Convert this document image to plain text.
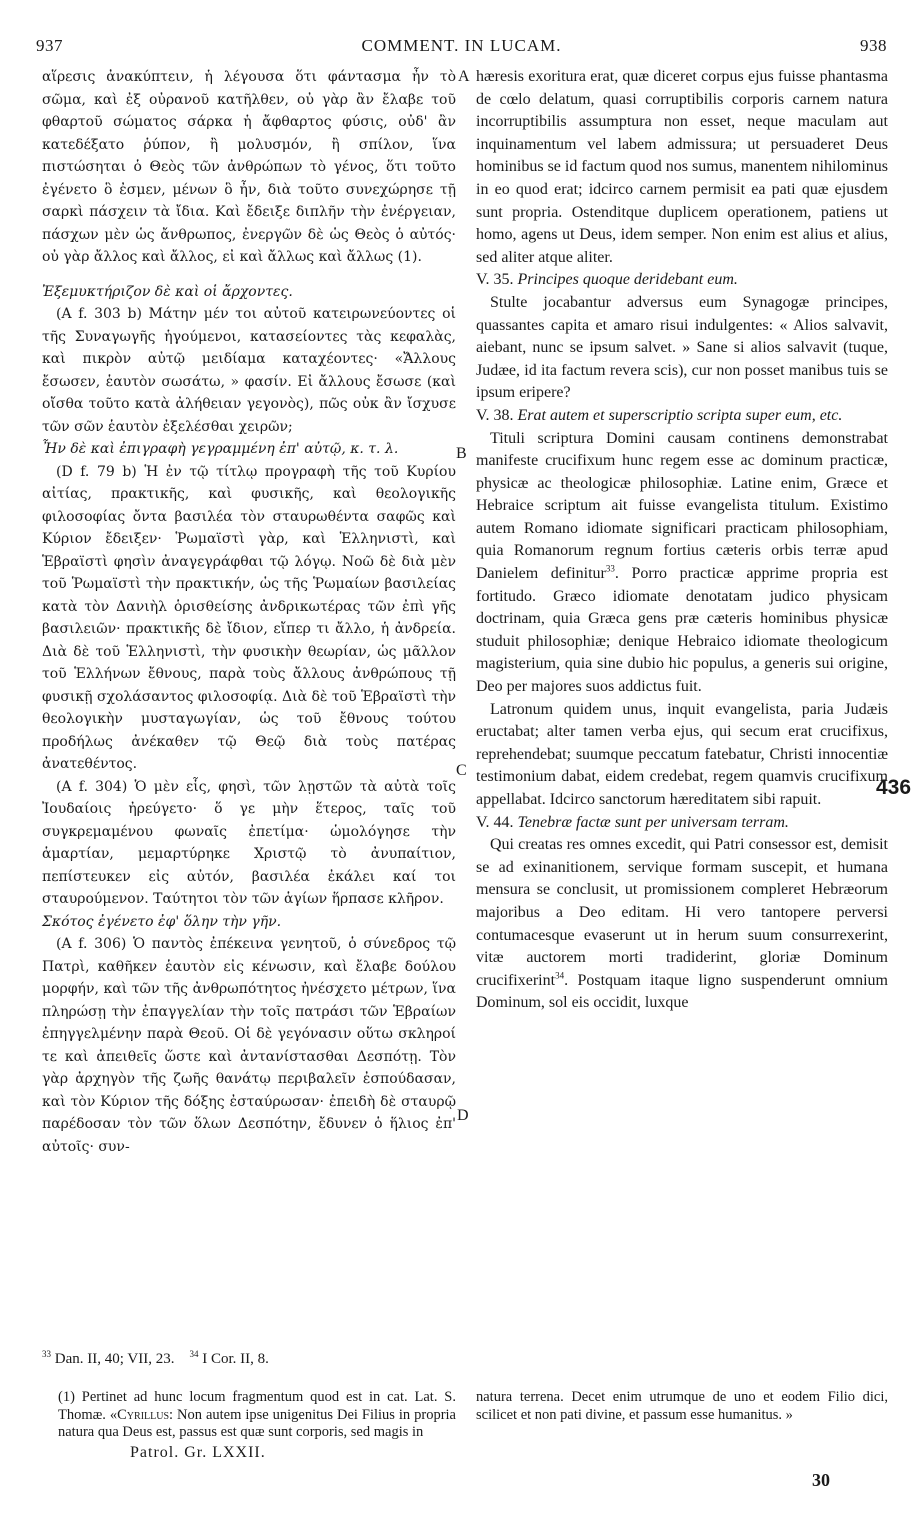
937	COMMENT. IN LUCAM.	938

αἵρεσις ἀνακύπτειν, ἡ λέγουσα ὅτι φάντασμα ἦν τὸ σῶμα, καὶ ἐξ οὐρανοῦ κατῆλθεν, οὐ γὰρ ἂν ἔλαβε τοῦ φθαρτοῦ σώματος σάρκα ἡ ἄφθαρτος φύσις, οὐδ' ἂν κατεδέξατο ῥύπον, ἢ μολυσμόν, ἢ σπίλον, ἵνα πιστώσηται ὁ Θεὸς τῶν ἀνθρώπων τὸ γένος, ὅτι τοῦτο ἐγένετο ὃ ἐσμεν, μένων ὃ ἦν, διὰ τοῦτο συνεχώρησε τῇ σαρκὶ πάσχειν τὰ ἴδια. Καὶ ἔδειξε διπλῆν τὴν ἐνέργειαν, πάσχων μὲν ὡς ἄνθρωπος, ἐνεργῶν δὲ ὡς Θεὸς ὁ αὐτός· οὐ γὰρ ἄλλος καὶ ἄλλος, εἰ καὶ ἄλλως καὶ ἄλλως (1).

Ἐξεμυκτήριζον δὲ καὶ οἱ ἄρχοντες.

(A f. 303 b) Μάτην μέν τοι αὐτοῦ κατειρωνεύοντες οἱ τῆς Συναγωγῆς ἡγούμενοι, κατασείοντες τὰς κεφαλὰς, καὶ πικρὸν αὐτῷ μειδίαμα καταχέοντες· «Ἄλλους ἔσωσεν, ἑαυτὸν σωσάτω, » φασίν. Εἰ ἄλλους ἔσωσε (καὶ οἴσθα τοῦτο κατὰ ἀλήθειαν γεγονὸς), πῶς οὐκ ἂν ἴσχυσε τῶν σῶν ἑαυτὸν ἐξελέσθαι χειρῶν;

Ἦν δὲ καὶ ἐπιγραφὴ γεγραμμένη ἐπ' αὐτῷ, κ. τ. λ.

(D f. 79 b) Ἡ ἐν τῷ τίτλῳ προγραφὴ τῆς τοῦ Κυρίου αἰτίας, πρακτικῆς, καὶ φυσικῆς, καὶ θεολογικῆς φιλοσοφίας ὄντα βασιλέα τὸν σταυρωθέντα σαφῶς καὶ Κύριον ἔδειξεν· Ῥωμαϊστὶ γὰρ, καὶ Ἑλληνιστὶ, καὶ Ἑβραϊστὶ φησὶν ἀναγεγράφθαι τῷ λόγῳ. Νοῶ δὲ διὰ μὲν τοῦ Ῥωμαϊστὶ τὴν πρακτικήν, ὡς τῆς Ῥωμαίων βασιλείας κατὰ τὸν Δανιὴλ ὁρισθείσης ἀνδρικωτέρας τῶν ἐπὶ γῆς βασιλειῶν· πρακτικῆς δὲ ἴδιον, εἴπερ τι ἄλλο, ἡ ἀνδρεία. Διὰ δὲ τοῦ Ἑλληνιστὶ, τὴν φυσικὴν θεωρίαν, ὡς μᾶλλον τοῦ Ἑλλήνων ἔθνους, παρὰ τοὺς ἄλλους ἀνθρώπους τῇ φυσικῇ σχολάσαντος φιλοσοφίᾳ. Διὰ δὲ τοῦ Ἑβραϊστὶ τὴν θεολογικὴν μυσταγωγίαν, ὡς τοῦ ἔθνους τούτου προδήλως ἀνέκαθεν τῷ Θεῷ διὰ τοὺς πατέρας ἀνατεθέντος.

(A f. 304) Ὁ μὲν εἷς, φησὶ, τῶν λῃστῶν τὰ αὐτὰ τοῖς Ἰουδαίοις ἠρεύγετο· ὅ γε μὴν ἕτερος, ταῖς τοῦ συγκρεμαμένου φωναῖς ἐπετίμα· ὡμολόγησε τὴν ἁμαρτίαν, μεμαρτύρηκε Χριστῷ τὸ ἀνυπαίτιον, πεπίστευκεν εἰς αὐτόν, βασιλέα ἐκάλει καί τοι σταυρούμενον. Ταύτητοι τὸν τῶν ἁγίων ἥρπασε κλῆρον.

Σκότος ἐγένετο ἐφ' ὅλην τὴν γῆν.

(A f. 306) Ὁ παντὸς ἐπέκεινα γενητοῦ, ὁ σύνεδρος τῷ Πατρὶ, καθῆκεν ἑαυτὸν εἰς κένωσιν, καὶ ἔλαβε δούλου μορφήν, καὶ τῶν τῆς ἀνθρωπότητος ἠνέσχετο μέτρων, ἵνα πληρώσῃ τὴν ἐπαγγελίαν τὴν τοῖς πατράσι τῶν Ἑβραίων ἐπηγγελμένην παρὰ Θεοῦ. Οἱ δὲ γεγόνασιν οὕτω σκληροί τε καὶ ἀπειθεῖς ὥστε καὶ ἀντανίστασθαι Δεσπότῃ. Τὸν γὰρ ἀρχηγὸν τῆς ζωῆς θανάτῳ περιβαλεῖν ἐσπούδασαν, καὶ τὸν Κύριον τῆς δόξης ἐσταύρωσαν· ἐπειδὴ δὲ σταυρῷ παρέδοσαν τὸν τῶν ὅλων Δεσπότην, ἔδυνεν ὁ ἥλιος ἐπ' αὐτοῖς· συν-

A
B
C
D

hæresis exoritura erat, quæ diceret corpus ejus fuisse phantasma de cœlo delatum, quasi corruptibilis corporis carnem natura incorruptibilis assumptura non esset, neque maculam aut inquinamentum vel labem admissura; ut persuaderet Deus hominibus se id factum quod nos sumus, manentem nihilominus in eo quod erat; idcirco carnem permisit ea pati quæ ejusdem sunt propria. Ostenditque duplicem operationem, patiens ut homo, agens ut Deus, idem semper. Non enim est alius et alius, sed aliter atque aliter.

V. 35. Principes quoque deridebant eum.

Stulte jocabantur adversus eum Synagogæ principes, quassantes capita et amaro risui indulgentes: « Alios salvavit, aiebant, nunc se ipsum salvet. » Sane si alios salvavit (tuque, Judæe, id ita factum revera scis), cur non posset manibus tuis se ipsum eripere?

V. 38. Erat autem et superscriptio scripta super eum, etc.

Tituli scriptura Domini causam continens demonstrabat manifeste crucifixum hunc regem esse ac dominum practicæ, physicæ ac theologicæ philosophiæ. Latine enim, Græce et Hebraice scriptum ait fuisse evangelista titulum. Existimo autem Romano idiomate significari practicam philosophiam, quia Romanorum regnum fortius cæteris orbis terræ apud Danielem definitur$^{33}$. Porro practicæ apprime propria est fortitudo. Græco idiomate denotatam judico physicam doctrinam, quia Græca gens præ cæteris hominibus physicæ studuit philosophiæ; denique Hebraico idiomate theologicum magisterium, quia sine dubio hic populus, a generis sui origine, Deo per majores suos addictus fuit.

Latronum quidem unus, inquit evangelista, paria Judæis eructabat; alter tamen verba ejus, qui secum erat crucifixus, reprehendebat; suumque peccatum fatebatur, Christi innocentiæ testimonium dabat, eidem credebat, regem quamvis crucifixum appellabat. Idcirco sanctorum hæreditatem sibi rapuit.

V. 44. Tenebræ factæ sunt per universam terram.

Qui creatas res omnes excedit, qui Patri consessor est, demisit se ad exinanitionem, servique formam suscepit, et humana mensura se conclusit, ut promissionem compleret Hebræorum majoribus a Deo editam. Hi vero tantopere perversi contumacesque evaserunt ut in herum suum consurrexerint, vitæ auctorem morti tradiderint, gloriæ Dominum crucifixerint$^{34}$. Postquam itaque ligno suspenderunt omnium Dominum, sol eis occidit, luxque

436
$^{33}$ Dan. II, 40; VII, 23. $^{34}$ I Cor. II, 8.
(1) Pertinet ad hunc locum fragmentum quod est in cat. Lat. S. Thomæ. «Cyrillus: Non autem ipse unigenitus Dei Filius in propria natura qua Deus est, passus est quæ sunt corporis, sed magis in
natura terrena. Decet enim utrumque de uno et eodem Filio dici, scilicet et non pati divine, et passum esse humanitus. »
Patrol. Gr. LXXII.
30
